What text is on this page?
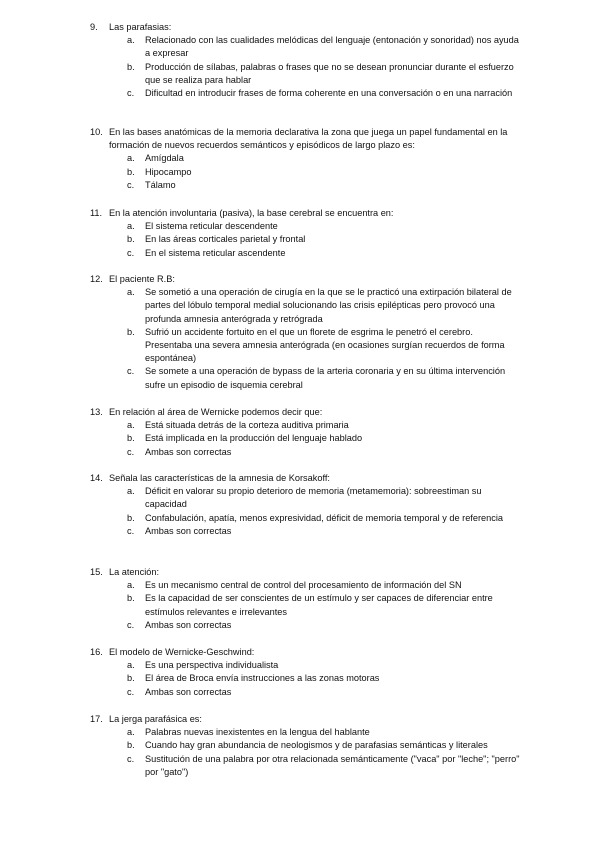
9. Las parafasias:
a. Relacionado con las cualidades melódicas del lenguaje (entonación y sonoridad) nos ayuda a expresar
b. Producción de sílabas, palabras o frases que no se desean pronunciar durante el esfuerzo que se realiza para hablar
c. Dificultad en introducir frases de forma coherente en una conversación o en una narración
10. En las bases anatómicas de la memoria declarativa la zona que juega un papel fundamental en la formación de nuevos recuerdos semánticos y episódicos de largo plazo es:
a. Amígdala
b. Hipocampo
c. Tálamo
11. En la atención involuntaria (pasiva), la base cerebral se encuentra en:
a. El sistema reticular descendente
b. En las áreas corticales parietal y frontal
c. En el sistema reticular ascendente
12. El paciente R.B:
a. Se sometió a una operación de cirugía en la que se le practicó una extirpación bilateral de partes del lóbulo temporal medial solucionando las crisis epilépticas pero provocó una profunda amnesia anterógrada y retrógrada
b. Sufrió un accidente fortuito en el que un florete de esgrima le penetró el cerebro. Presentaba una severa amnesia anterógrada (en ocasiones surgían recuerdos de forma espontánea)
c. Se somete a una operación de bypass de la arteria coronaria y en su última intervención sufre un episodio de isquemia cerebral
13. En relación al área de Wernicke podemos decir que:
a. Está situada detrás de la corteza auditiva primaria
b. Está implicada en la producción del lenguaje hablado
c. Ambas son correctas
14. Señala las características de la amnesia de Korsakoff:
a. Déficit en valorar su propio deterioro de memoria (metamemoria): sobreestiman su capacidad
b. Confabulación, apatía, menos expresividad, déficit de memoria temporal y de referencia
c. Ambas son correctas
15. La atención:
a. Es un mecanismo central de control del procesamiento de información del SN
b. Es la capacidad de ser conscientes de un estímulo y ser capaces de diferenciar entre estímulos relevantes e irrelevantes
c. Ambas son correctas
16. El modelo de Wernicke-Geschwind:
a. Es una perspectiva individualista
b. El área de Broca envía instrucciones a las zonas motoras
c. Ambas son correctas
17. La jerga parafásica es:
a. Palabras nuevas inexistentes en la lengua del hablante
b. Cuando hay gran abundancia de neologismos y de parafasias semánticas y literales
c. Sustitución de una palabra por otra relacionada semánticamente ("vaca" por "leche"; "perro" por "gato")
